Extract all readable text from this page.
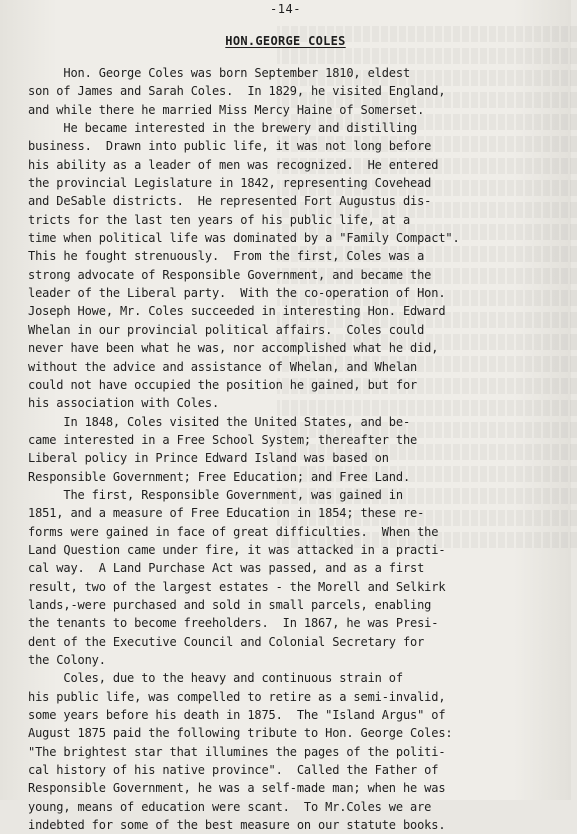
-14-
HON.GEORGE COLES
Hon. George Coles was born September 1810, eldest
son of James and Sarah Coles.  In 1829, he visited England,
and while there he married Miss Mercy Haine of Somerset.
He became interested in the brewery and distilling
business.  Drawn into public life, it was not long before
his ability as a leader of men was recognized.  He entered
the provincial Legislature in 1842, representing Covehead
and DeSable districts.  He represented Fort Augustus dis-
tricts for the last ten years of his public life, at a
time when political life was dominated by a "Family Compact".
This he fought strenuously.  From the first, Coles was a
strong advocate of Responsible Government, and became the
leader of the Liberal party.  With the co-operation of Hon.
Joseph Howe, Mr. Coles succeeded in interesting Hon. Edward
Whelan in our provincial political affairs.  Coles could
never have been what he was, nor accomplished what he did,
without the advice and assistance of Whelan, and Whelan
could not have occupied the position he gained, but for
his association with Coles.
In 1848, Coles visited the United States, and be-
came interested in a Free School System; thereafter the
Liberal policy in Prince Edward Island was based on
Responsible Government; Free Education; and Free Land.
The first, Responsible Government, was gained in
1851, and a measure of Free Education in 1854; these re-
forms were gained in face of great difficulties.  When the
Land Question came under fire, it was attacked in a practi-
cal way.  A Land Purchase Act was passed, and as a first
result, two of the largest estates - the Morell and Selkirk
lands,-were purchased and sold in small parcels, enabling
the tenants to become freeholders.  In 1867, he was Presi-
dent of the Executive Council and Colonial Secretary for
the Colony.
Coles, due to the heavy and continuous strain of
his public life, was compelled to retire as a semi-invalid,
some years before his death in 1875.  The "Island Argus" of
August 1875 paid the following tribute to Hon. George Coles:
"The brightest star that illumines the pages of the politi-
cal history of his native province".  Called the Father of
Responsible Government, he was a self-made man; when he was
young, means of education were scant.  To Mr.Coles we are
indebted for some of the best measure on our statute books.
